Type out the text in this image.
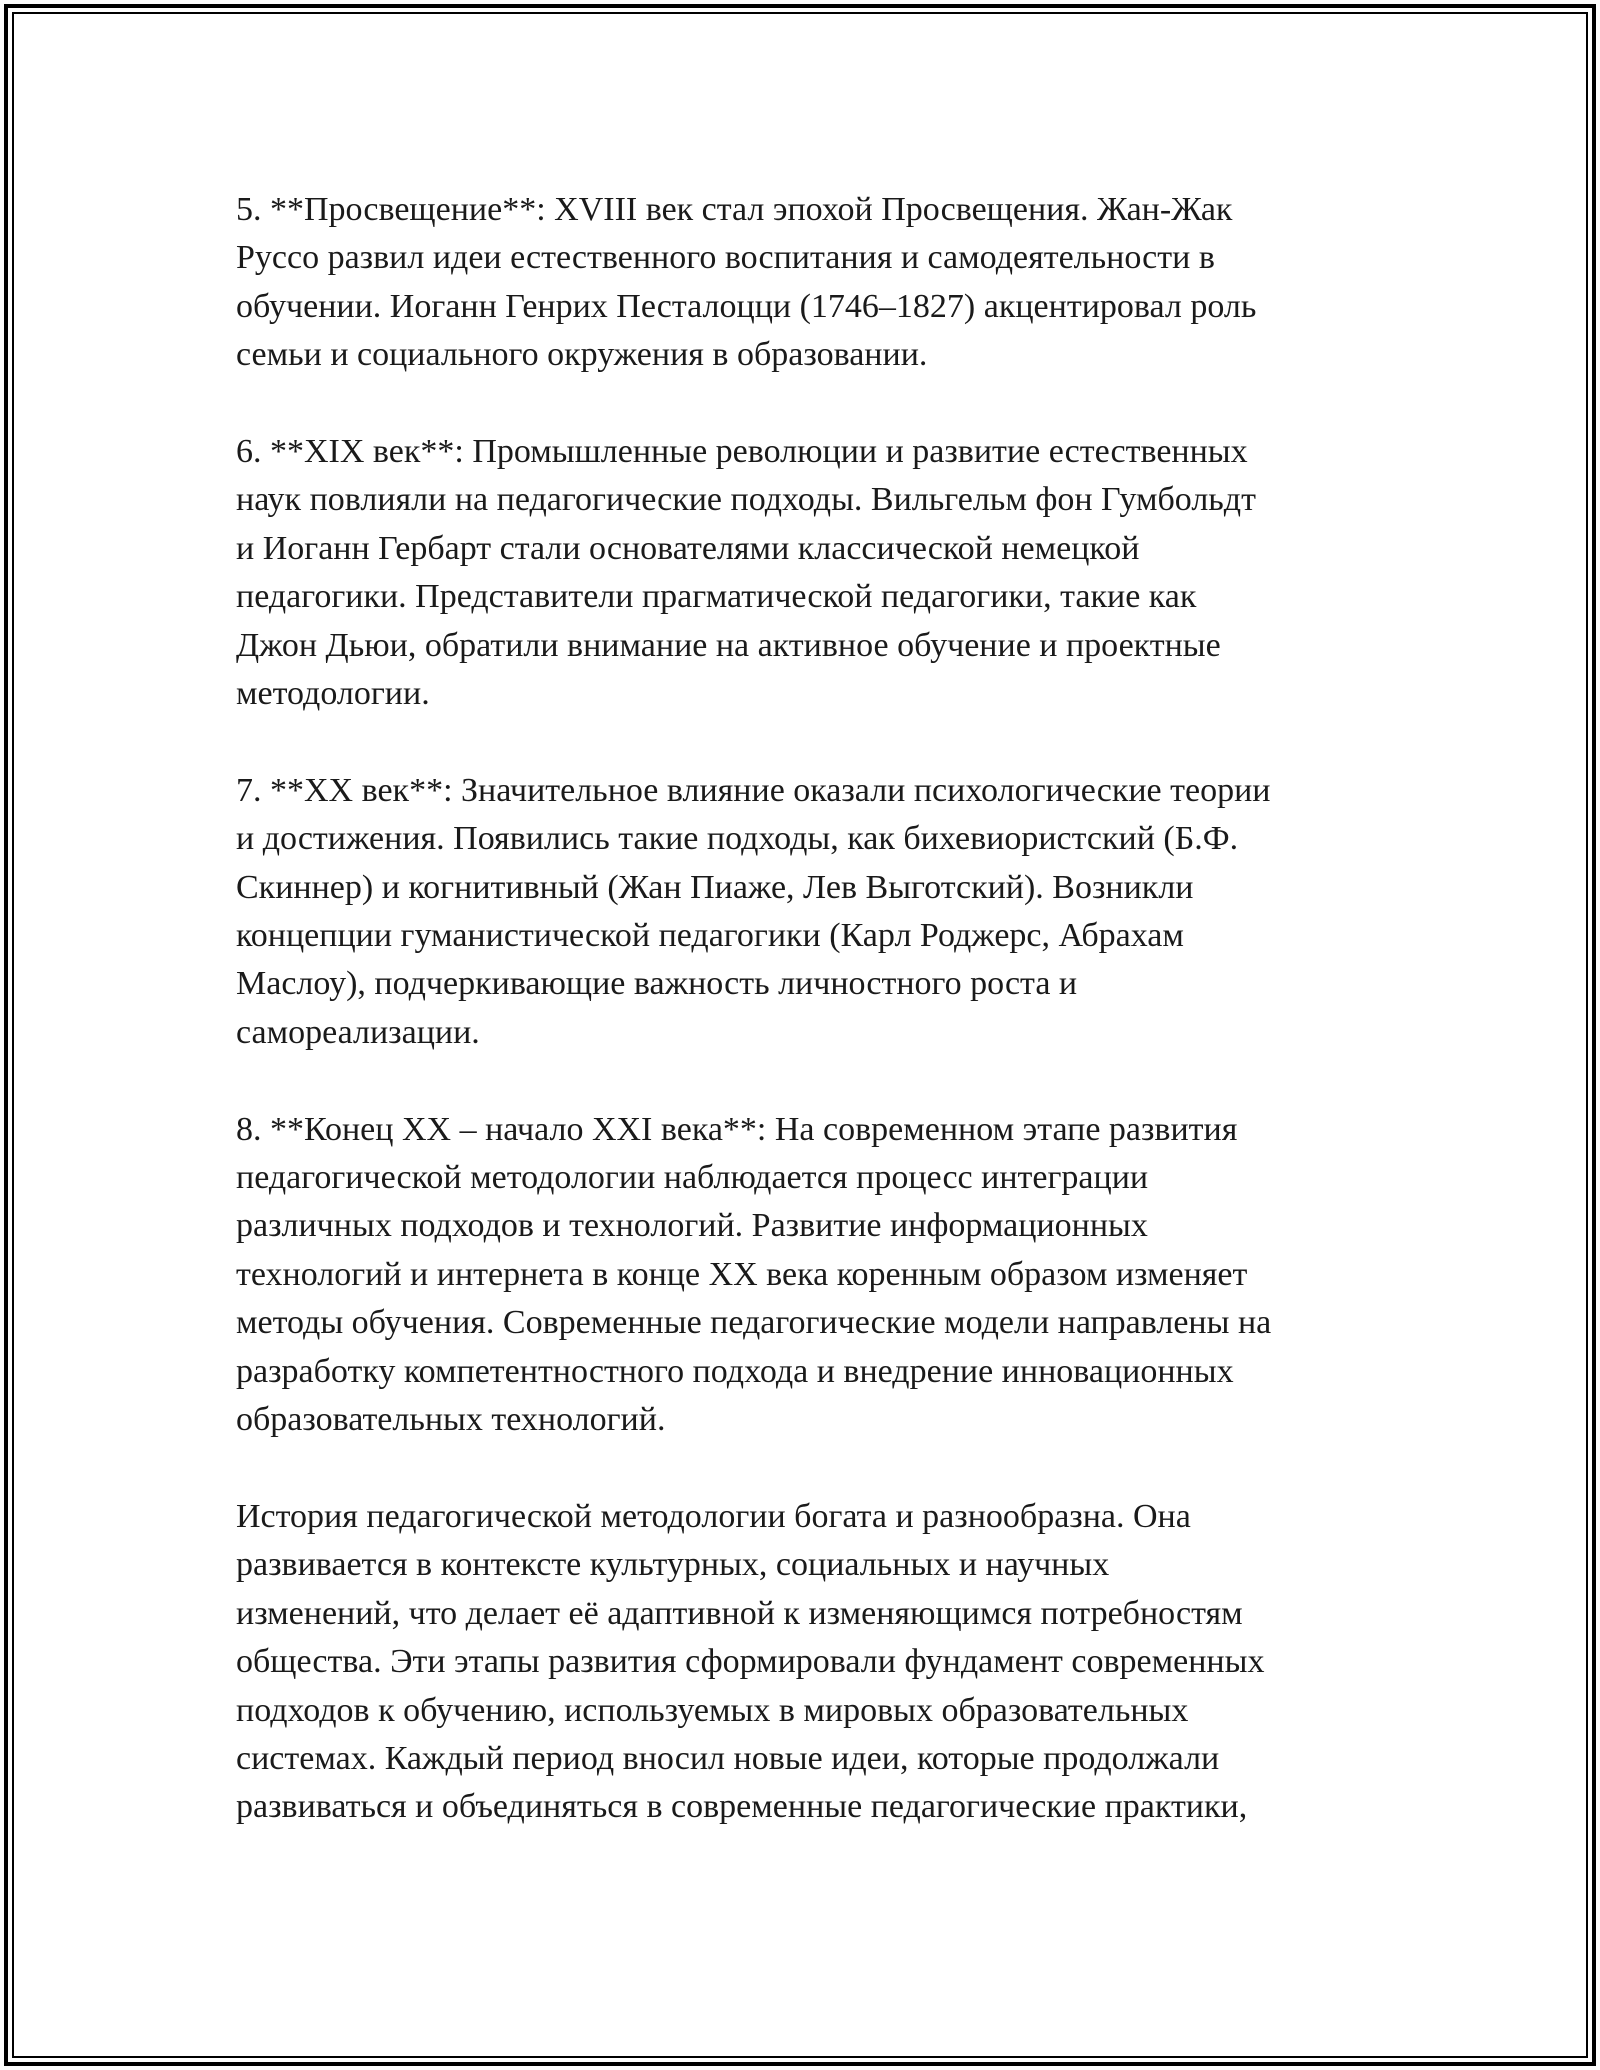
5. **Просвещение**: XVIII век стал эпохой Просвещения. Жан-Жак
Руссо развил идеи естественного воспитания и самодеятельности в
обучении. Иоганн Генрих Песталоцци (1746–1827) акцентировал роль
семьи и социального окружения в образовании.

6. **XIX век**: Промышленные революции и развитие естественных
наук повлияли на педагогические подходы. Вильгельм фон Гумбольдт
и Иоганн Гербарт стали основателями классической немецкой
педагогики. Представители прагматической педагогики, такие как
Джон Дьюи, обратили внимание на активное обучение и проектные
методологии.

7. **XX век**: Значительное влияние оказали психологические теории
и достижения. Появились такие подходы, как бихевиористский (Б.Ф.
Скиннер) и когнитивный (Жан Пиаже, Лев Выготский). Возникли
концепции гуманистической педагогики (Карл Роджерс, Абрахам
Маслоу), подчеркивающие важность личностного роста и
самореализации.

8. **Конец XX – начало XXI века**: На современном этапе развития
педагогической методологии наблюдается процесс интеграции
различных подходов и технологий. Развитие информационных
технологий и интернета в конце XX века коренным образом изменяет
методы обучения. Современные педагогические модели направлены на
разработку компетентностного подхода и внедрение инновационных
образовательных технологий.

История педагогической методологии богата и разнообразна. Она
развивается в контексте культурных, социальных и научных
изменений, что делает её адаптивной к изменяющимся потребностям
общества. Эти этапы развития сформировали фундамент современных
подходов к обучению, используемых в мировых образовательных
системах. Каждый период вносил новые идеи, которые продолжали
развиваться и объединяться в современные педагогические практики,
